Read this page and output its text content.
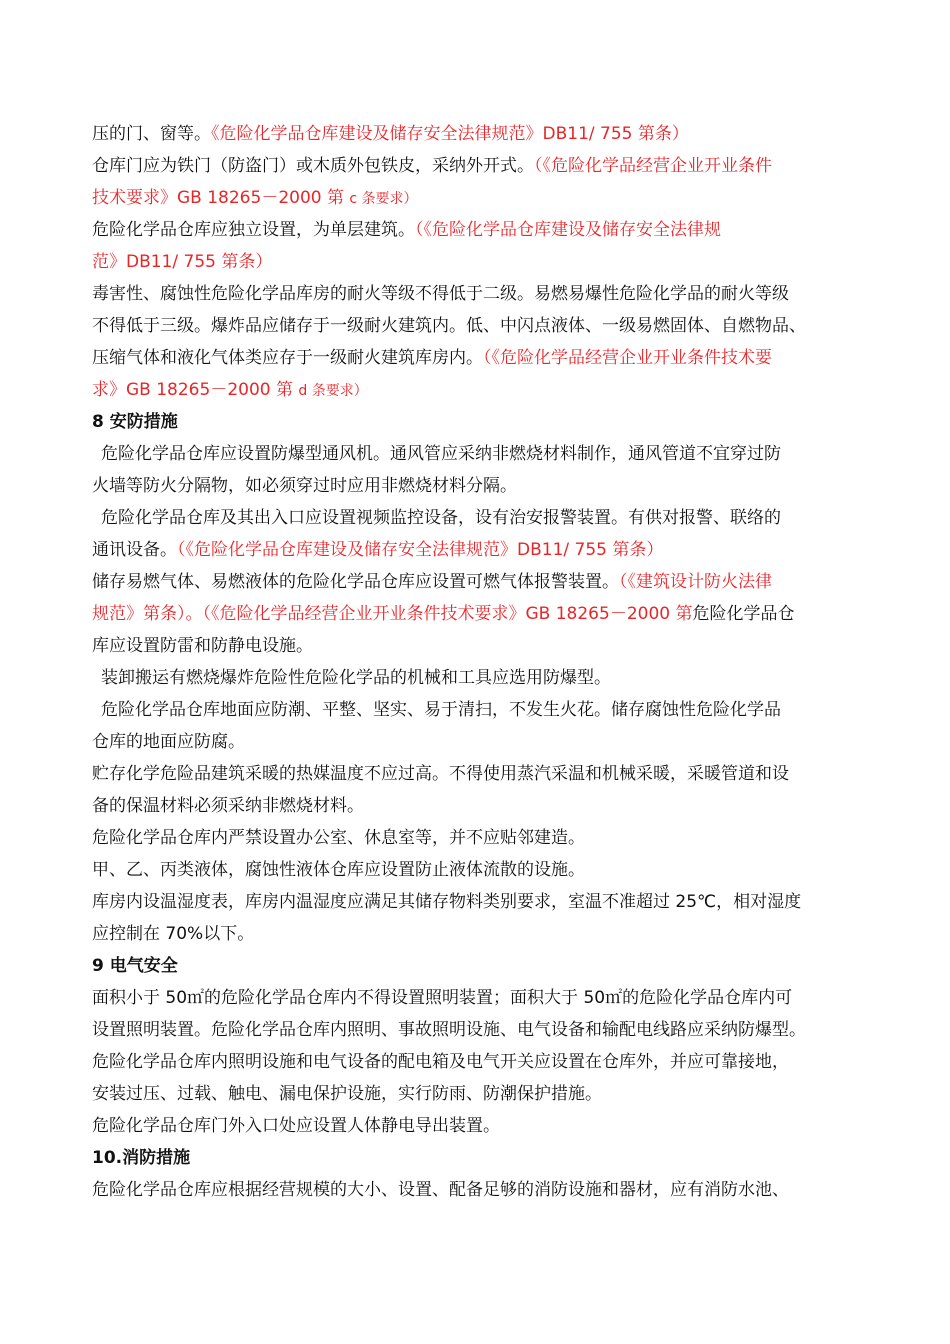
压的门、窗等。《危险化学品仓库建设及储存安全法律规范》DB11/ 755 第条）
仓库门应为铁门（防盗门）或木质外包铁皮，采纳外开式。（《危险化学品经营企业开业条件
技术要求》GB 18265－2000 第 c 条要求）
危险化学品仓库应独立设置，为单层建筑。（《危险化学品仓库建设及储存安全法律规
范》DB11/ 755 第条）
毒害性、腐蚀性危险化学品库房的耐火等级不得低于二级。易燃易爆性危险化学品的耐火等级
不得低于三级。爆炸品应储存于一级耐火建筑内。低、中闪点液体、一级易燃固体、自燃物品、
压缩气体和液化气体类应存于一级耐火建筑库房内。（《危险化学品经营企业开业条件技术要
求》GB 18265－2000 第 d 条要求）
8 安防措施
危险化学品仓库应设置防爆型通风机。通风管应采纳非燃烧材料制作，通风管道不宜穿过防
火墙等防火分隔物，如必须穿过时应用非燃烧材料分隔。
危险化学品仓库及其出入口应设置视频监控设备，设有治安报警装置。有供对报警、联络的
通讯设备。（《危险化学品仓库建设及储存安全法律规范》DB11/ 755 第条）
储存易燃气体、易燃液体的危险化学品仓库应设置可燃气体报警装置。（《建筑设计防火法律
规范》第条）。（《危险化学品经营企业开业条件技术要求》GB 18265－2000 第危险化学品仓
库应设置防雷和防静电设施。
装卸搬运有燃烧爆炸危险性危险化学品的机械和工具应选用防爆型。
危险化学品仓库地面应防潮、平整、坚实、易于清扫，不发生火花。储存腐蚀性危险化学品
仓库的地面应防腐。
贮存化学危险品建筑采暖的热媒温度不应过高。不得使用蒸汽采温和机械采暖，采暖管道和设
备的保温材料必须采纳非燃烧材料。
危险化学品仓库内严禁设置办公室、休息室等，并不应贴邻建造。
甲、乙、丙类液体，腐蚀性液体仓库应设置防止液体流散的设施。
库房内设温湿度表，库房内温湿度应满足其储存物料类别要求，室温不准超过 25℃，相对湿度
应控制在 70%以下。
9 电气安全
面积小于 50㎡的危险化学品仓库内不得设置照明装置；面积大于 50㎡的危险化学品仓库内可
设置照明装置。危险化学品仓库内照明、事故照明设施、电气设备和输配电线路应采纳防爆型。
危险化学品仓库内照明设施和电气设备的配电箱及电气开关应设置在仓库外，并应可靠接地，
安装过压、过载、触电、漏电保护设施，实行防雨、防潮保护措施。
危险化学品仓库门外入口处应设置人体静电导出装置。
10.消防措施
危险化学品仓库应根据经营规模的大小、设置、配备足够的消防设施和器材，应有消防水池、
